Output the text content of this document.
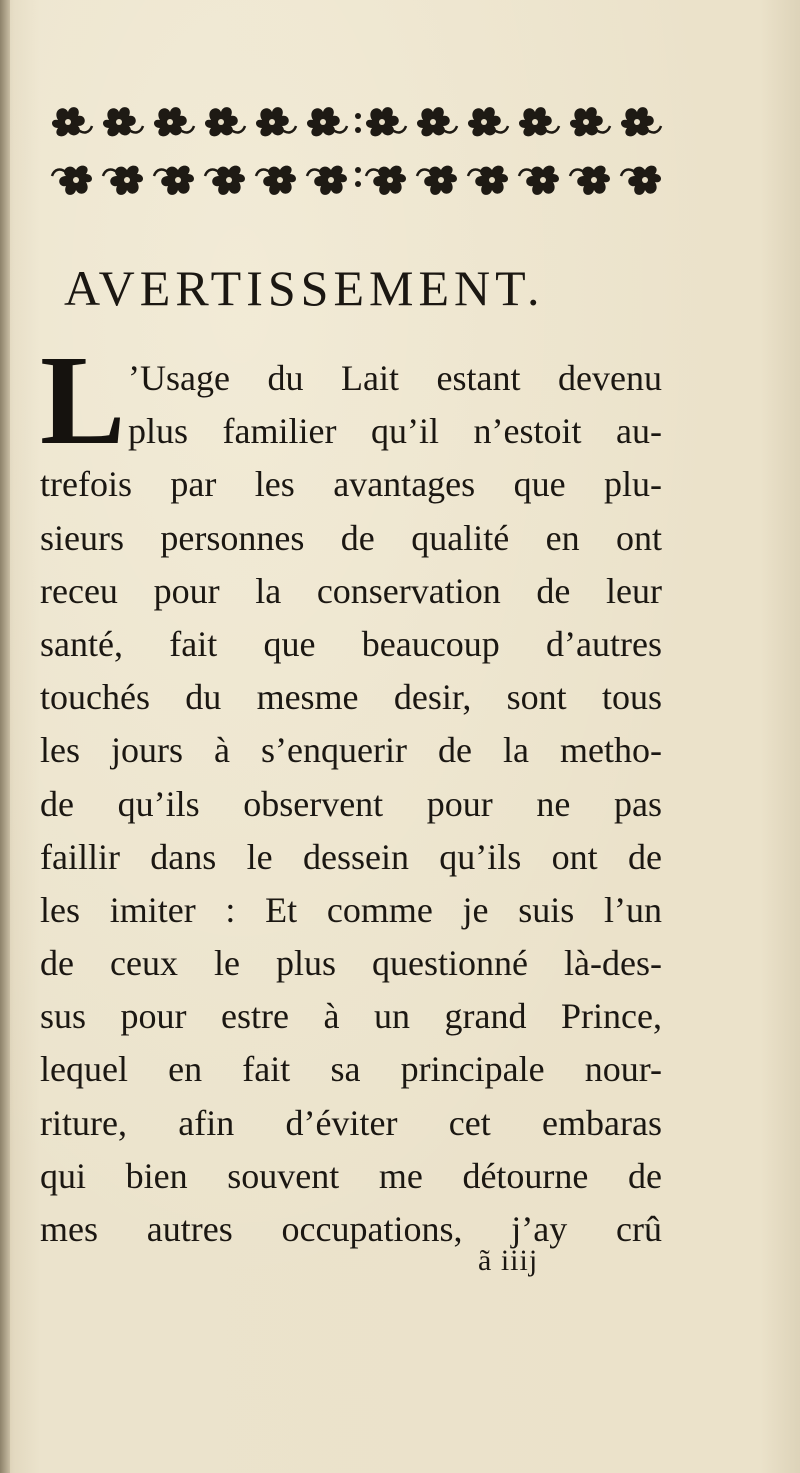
AVERTISSEMENT.
L ’Usage du Lait estant devenu
plus familier qu’il n’estoit au-
trefois par les avantages que plu-
sieurs personnes de qualité en ont
receu pour la conservation de leur
santé, fait que beaucoup d’autres
touchés du mesme desir, sont tous
les jours à s’enquerir de la metho-
de qu’ils observent pour ne pas
faillir dans le dessein qu’ils ont de
les imiter : Et comme je suis l’un
de ceux le plus questionné là-des-
sus pour estre à un grand Prince,
lequel en fait sa principale nour-
riture, afin d’éviter cet embaras
qui bien souvent me détourne de
mes autres occupations, j’ay crû
ã iiij
